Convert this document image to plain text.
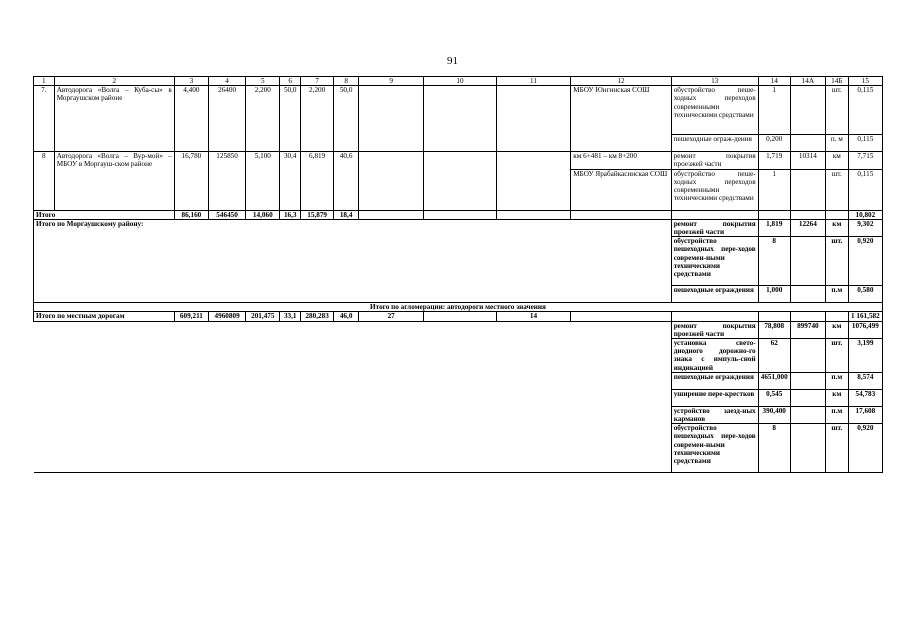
91
1	2	3	4	5	6	7	8	9	10	11	12	13	14	14А	14Б	15
7.	Автодорога «Волга – Куба-сы» в Моргаушском районе	4,400	26400	2,200	50,0	2,200	50,0				МБОУ Юнгинская СОШ	обустройство пеше-ходных переходов современными техническими средствами	1		шт.	0,115
												пешеходные ограж-дения	0,200		п. м	0,115
8	Автодорога «Волга – Вур-мой» – МБОУ в Моргауш-ском районе	16,780	125850	5,100	30,4	6,819	40,6				км 6+481 – км 8+200	ремонт покрытия проезжей части	1,719	10314	км	7,715
											МБОУ Ярабайкасинская СОШ	обустройство пеше-ходных переходов современными техническими средствами	1		шт.	0,115
Итого		86,160	546450	14,060	16,3	15,879	18,4									10,802
Итого по Моргаушскому району:												ремонт покрытия проезжей части	1,819	12264	км	9,302
												обустройство пешеходных пере-ходов современ-ными техническими средствами	8		шт.	0,920
												пешеходные ограждения	1,000		п.м	0,580
Итого по агломерации: автодороги местного значения																
Итого по местным дорогам		609,211	4960809	201,475	33,1	280,283	46,0	27		14						1 161,582
												ремонт покрытия проезжей части	78,808	899740	км	1076,499
												установка свето-диодного дорожно-го знака с импуль-сной индикацией	62		шт.	3,199
												пешеходные ограждения	4651,000		п.м	8,574
												уширение пере-крестков	0,545		км	54,783
												устройство заезд-ных карманов	390,400		п.м	17,608
												обустройство пешеходных пере-ходов современ-ными техническими средствами	8		шт.	0,920
